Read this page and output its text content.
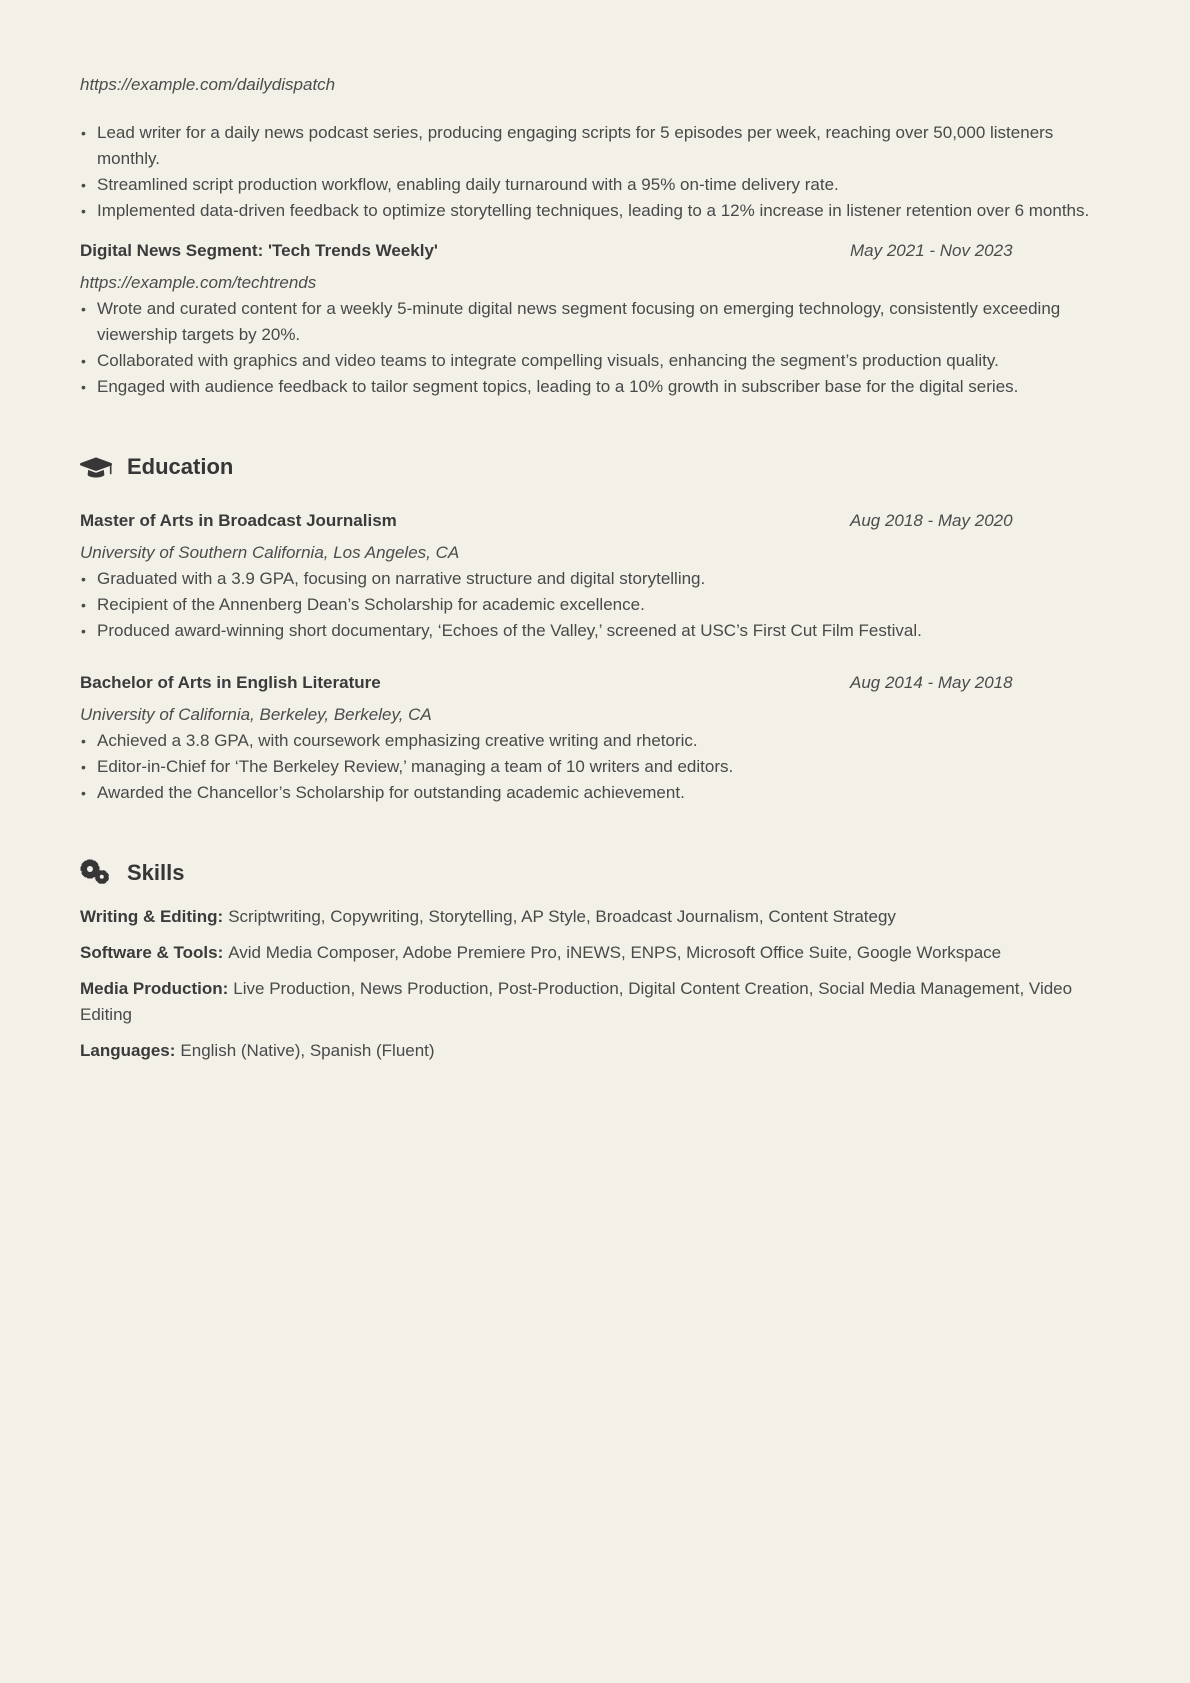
https://example.com/dailydispatch

• Lead writer for a daily news podcast series, producing engaging scripts for 5 episodes per week, reaching over 50,000 listeners monthly.
• Streamlined script production workflow, enabling daily turnaround with a 95% on-time delivery rate.
• Implemented data-driven feedback to optimize storytelling techniques, leading to a 12% increase in listener retention over 6 months.
Digital News Segment: 'Tech Trends Weekly'	May 2021 - Nov 2023

https://example.com/techtrends

• Wrote and curated content for a weekly 5-minute digital news segment focusing on emerging technology, consistently exceeding viewership targets by 20%.
• Collaborated with graphics and video teams to integrate compelling visuals, enhancing the segment’s production quality.
• Engaged with audience feedback to tailor segment topics, leading to a 10% growth in subscriber base for the digital series.
Education
Master of Arts in Broadcast Journalism	Aug 2018 - May 2020

University of Southern California, Los Angeles, CA

• Graduated with a 3.9 GPA, focusing on narrative structure and digital storytelling.
• Recipient of the Annenberg Dean’s Scholarship for academic excellence.
• Produced award-winning short documentary, ‘Echoes of the Valley,’ screened at USC’s First Cut Film Festival.
Bachelor of Arts in English Literature	Aug 2014 - May 2018

University of California, Berkeley, Berkeley, CA

• Achieved a 3.8 GPA, with coursework emphasizing creative writing and rhetoric.
• Editor-in-Chief for ‘The Berkeley Review,’ managing a team of 10 writers and editors.
• Awarded the Chancellor’s Scholarship for outstanding academic achievement.
Skills

Writing & Editing: Scriptwriting, Copywriting, Storytelling, AP Style, Broadcast Journalism, Content Strategy

Software & Tools: Avid Media Composer, Adobe Premiere Pro, iNEWS, ENPS, Microsoft Office Suite, Google Workspace

Media Production: Live Production, News Production, Post-Production, Digital Content Creation, Social Media Management, Video Editing

Languages: English (Native), Spanish (Fluent)
